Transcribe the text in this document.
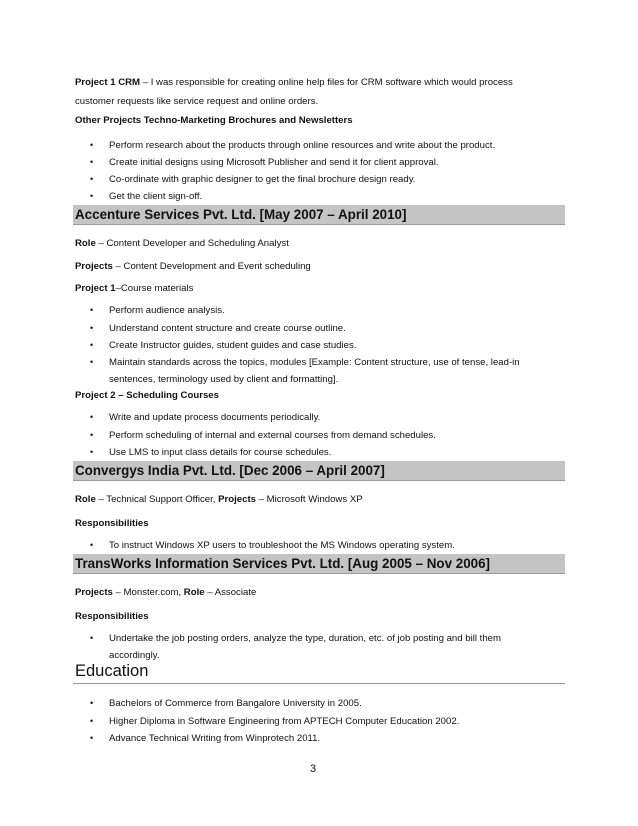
Project 1 CRM – I was responsible for creating online help files for CRM software which would process
customer requests like service request and online orders.
Other Projects Techno-Marketing Brochures and Newsletters
• Perform research about the products through online resources and write about the product.
• Create initial designs using Microsoft Publisher and send it for client approval.
• Co-ordinate with graphic designer to get the final brochure design ready.
• Get the client sign-off.
Accenture Services Pvt. Ltd. [May 2007 – April 2010]
Role – Content Developer and Scheduling Analyst
Projects – Content Development and Event scheduling
Project 1–Course materials
• Perform audience analysis.
• Understand content structure and create course outline.
• Create Instructor guides, student guides and case studies.
• Maintain standards across the topics, modules [Example: Content structure, use of tense, lead-in
sentences, terminology used by client and formatting].
Project 2 – Scheduling Courses
• Write and update process documents periodically.
• Perform scheduling of internal and external courses from demand schedules.
• Use LMS to input class details for course schedules.
Convergys India Pvt. Ltd. [Dec 2006 – April 2007]
Role – Technical Support Officer, Projects – Microsoft Windows XP
Responsibilities
• To instruct Windows XP users to troubleshoot the MS Windows operating system.
TransWorks Information Services Pvt. Ltd. [Aug 2005 – Nov 2006]
Projects – Monster.com, Role – Associate
Responsibilities
• Undertake the job posting orders, analyze the type, duration, etc. of job posting and bill them
accordingly.
Education
• Bachelors of Commerce from Bangalore University in 2005.
• Higher Diploma in Software Engineering from APTECH Computer Education 2002.
• Advance Technical Writing from Winprotech 2011.
3
